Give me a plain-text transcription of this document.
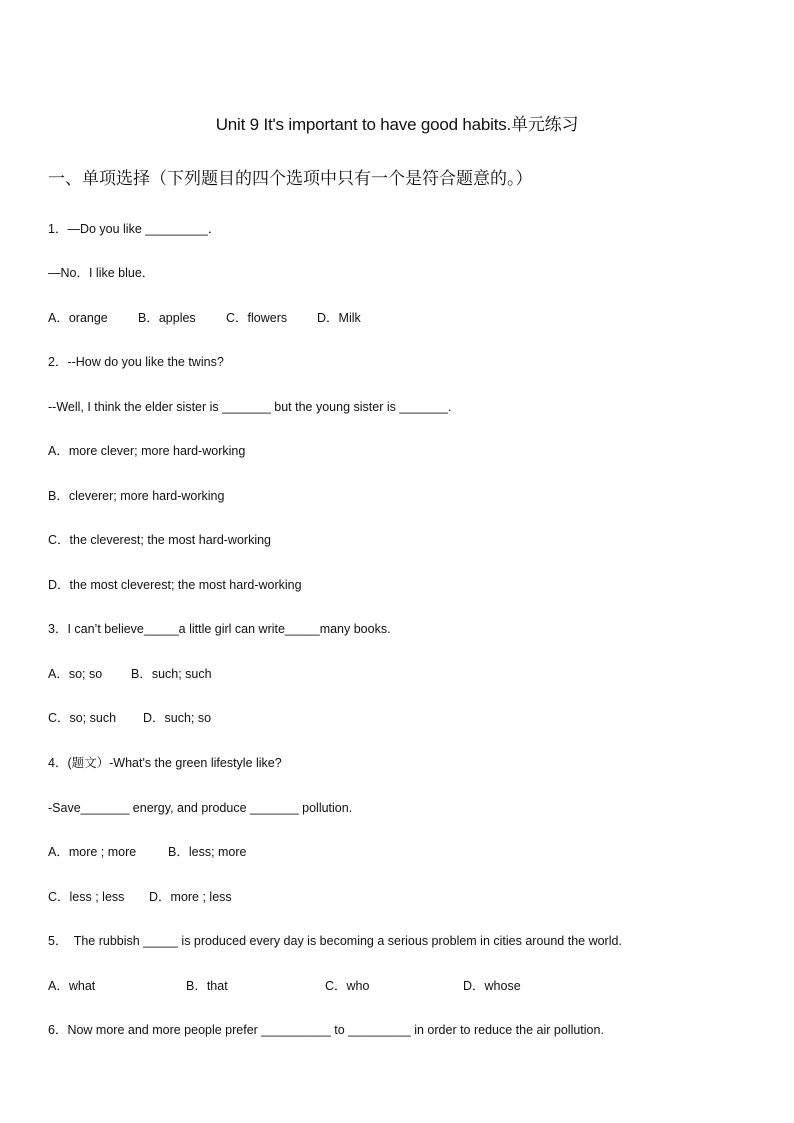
Unit 9 It's important to have good habits.单元练习
一、单项选择（下列题目的四个选项中只有一个是符合题意的。）
1．—Do you like _________．
—No．I like blue．
A．orange B．apples C．flowers D．Milk
2．--How do you like the twins?
--Well, I think the elder sister is _______ but the young sister is _______.
A．more clever; more hard-working
B．cleverer; more hard-working
C．the cleverest; the most hard-working
D．the most cleverest; the most hard-working
3．I can’t believe_____a little girl can write_____many books.
A．so; so B．such; such
C．so; such D．such; so
4．(题文）-What's the green lifestyle like?
-Save_______ energy, and produce _______ pollution.
A．more ; more	B．less; more
C．less ; less D．more ; less
5．　The rubbish _____ is produced every day is becoming a serious problem in cities around the world.
A．what	B．that	C．who	D．whose
6．Now more and more people prefer __________ to _________ in order to reduce the air pollution.
